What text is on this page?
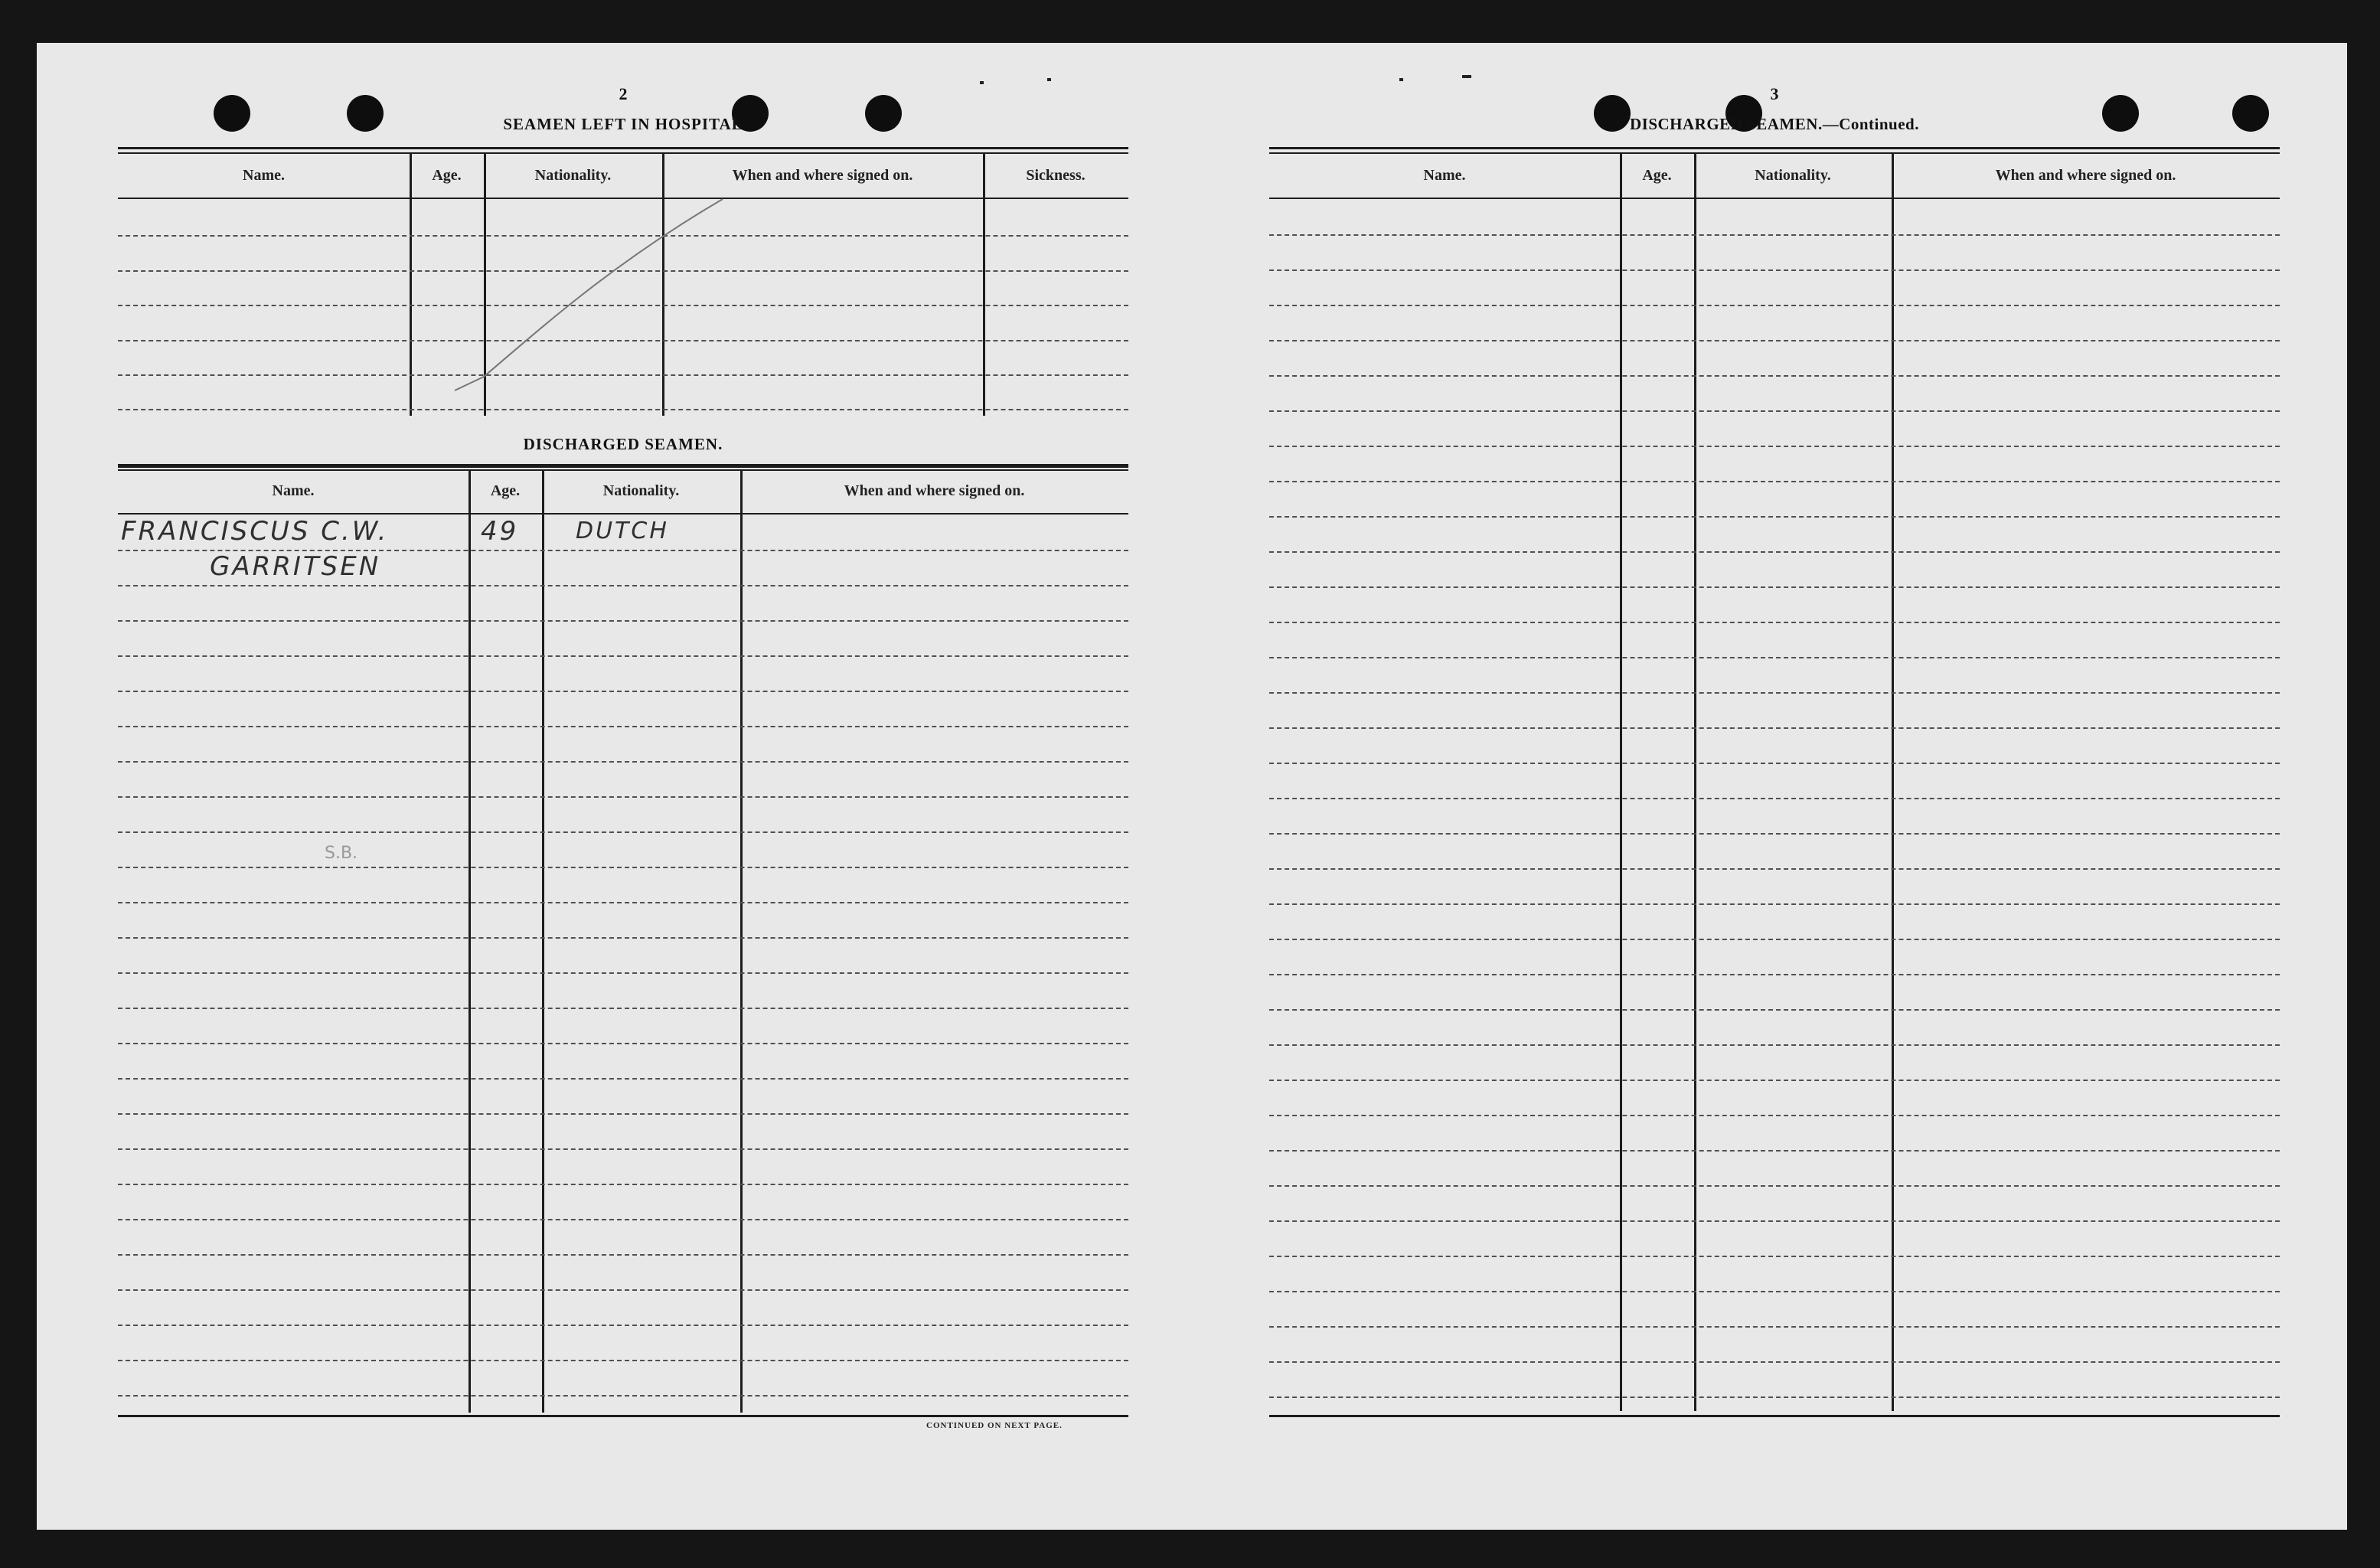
2
SEAMEN LEFT IN HOSPITAL
Name.	Age.	Nationality.	When and where signed on.	Sickness.
DISCHARGED SEAMEN.
Name.	Age.	Nationality.	When and where signed on.
FRANCISCUS C.W.
GARRITSEN
49 DUTCH
S.B.
CONTINUED ON NEXT PAGE.
3
DISCHARGED SEAMEN.—Continued.
Name.	Age.	Nationality.	When and where signed on.
